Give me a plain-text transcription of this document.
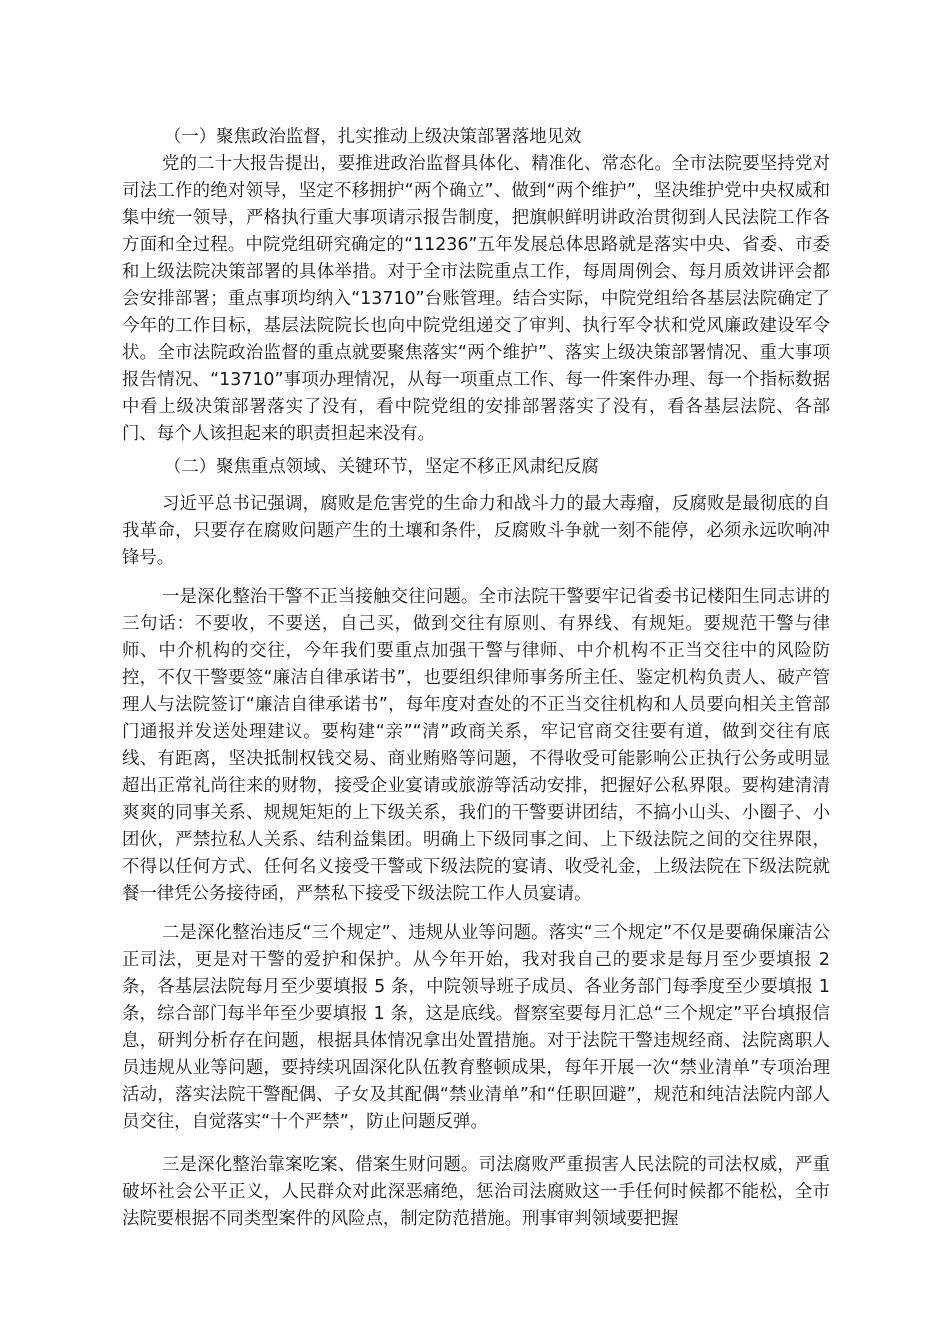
（一）聚焦政治监督，扎实推动上级决策部署落地见效

党的二十大报告提出，要推进政治监督具体化、精准化、常态化。全市法院要坚持党对司法工作的绝对领导，坚定不移拥护“两个确立”、做到“两个维护”，坚决维护党中央权威和集中统一领导，严格执行重大事项请示报告制度，把旗帜鲜明讲政治贯彻到人民法院工作各方面和全过程。中院党组研究确定的“11236”五年发展总体思路就是落实中央、省委、市委和上级法院决策部署的具体举措。对于全市法院重点工作，每周周例会、每月质效讲评会都会安排部署；重点事项均纳入“13710”台账管理。结合实际，中院党组给各基层法院确定了今年的工作目标，基层法院院长也向中院党组递交了审判、执行军令状和党风廉政建设军令状。全市法院政治监督的重点就要聚焦落实“两个维护”、落实上级决策部署情况、重大事项报告情况、“13710”事项办理情况，从每一项重点工作、每一件案件办理、每一个指标数据中看上级决策部署落实了没有，看中院党组的安排部署落实了没有，看各基层法院、各部门、每个人该担起来的职责担起来没有。

（二）聚焦重点领域、关键环节，坚定不移正风肃纪反腐

习近平总书记强调，腐败是危害党的生命力和战斗力的最大毒瘤，反腐败是最彻底的自我革命，只要存在腐败问题产生的土壤和条件，反腐败斗争就一刻不能停，必须永远吹响冲锋号。

一是深化整治干警不正当接触交往问题。全市法院干警要牢记省委书记楼阳生同志讲的三句话：不要收，不要送，自己买，做到交往有原则、有界线、有规矩。要规范干警与律师、中介机构的交往，今年我们要重点加强干警与律师、中介机构不正当交往中的风险防控，不仅干警要签“廉洁自律承诺书”，也要组织律师事务所主任、鉴定机构负责人、破产管理人与法院签订“廉洁自律承诺书”，每年度对查处的不正当交往机构和人员要向相关主管部门通报并发送处理建议。要构建“亲”“清”政商关系，牢记官商交往要有道，做到交往有底线、有距离，坚决抵制权钱交易、商业贿赂等问题，不得收受可能影响公正执行公务或明显超出正常礼尚往来的财物，接受企业宴请或旅游等活动安排，把握好公私界限。要构建清清爽爽的同事关系、规规矩矩的上下级关系，我们的干警要讲团结，不搞小山头、小圈子、小团伙，严禁拉私人关系、结利益集团。明确上下级同事之间、上下级法院之间的交往界限，不得以任何方式、任何名义接受干警或下级法院的宴请、收受礼金，上级法院在下级法院就餐一律凭公务接待函，严禁私下接受下级法院工作人员宴请。

二是深化整治违反“三个规定”、违规从业等问题。落实“三个规定”不仅是要确保廉洁公正司法，更是对干警的爱护和保护。从今年开始，我对我自己的要求是每月至少要填报 2 条，各基层法院每月至少要填报 5 条，中院领导班子成员、各业务部门每季度至少要填报 1 条，综合部门每半年至少要填报 1 条，这是底线。督察室要每月汇总“三个规定”平台填报信息，研判分析存在问题，根据具体情况拿出处置措施。对于法院干警违规经商、法院离职人员违规从业等问题，要持续巩固深化队伍教育整顿成果，每年开展一次“禁业清单”专项治理活动，落实法院干警配偶、子女及其配偶“禁业清单”和“任职回避”，规范和纯洁法院内部人员交往，自觉落实“十个严禁”，防止问题反弹。

三是深化整治靠案吃案、借案生财问题。司法腐败严重损害人民法院的司法权威，严重破坏社会公平正义，人民群众对此深恶痛绝，惩治司法腐败这一手任何时候都不能松，全市法院要根据不同类型案件的风险点，制定防范措施。刑事审判领域要把握
